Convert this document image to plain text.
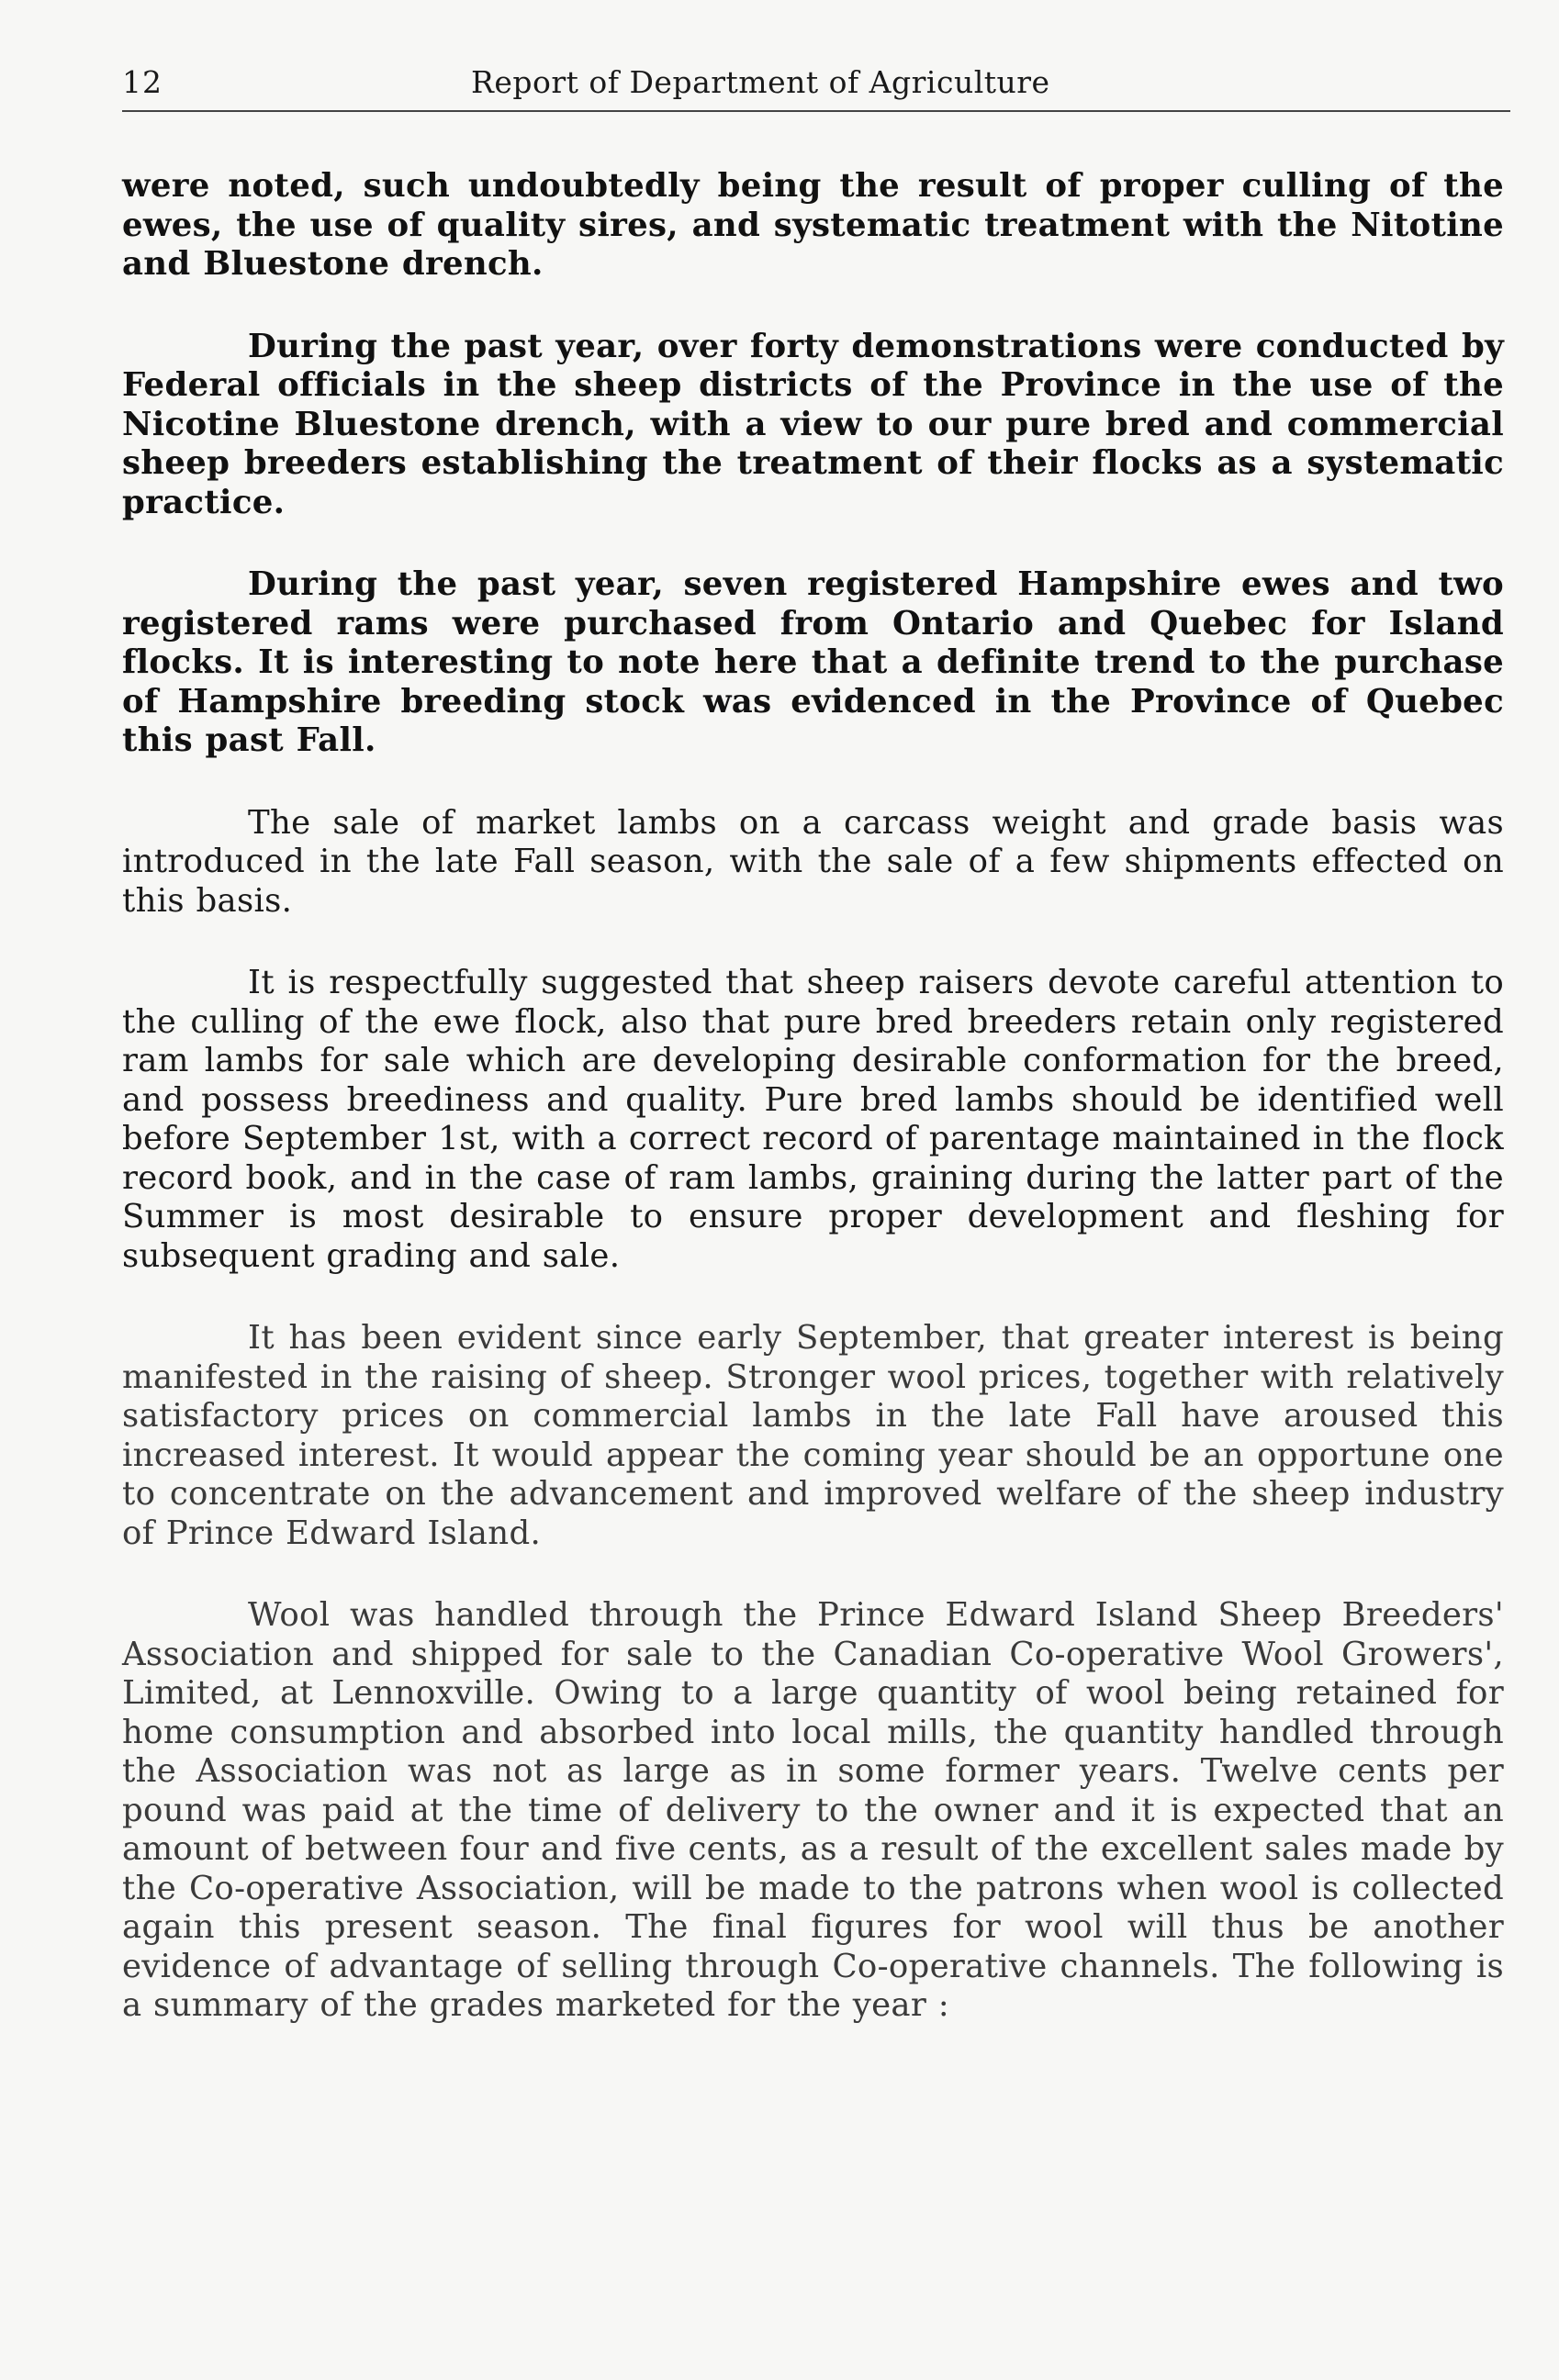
12	Report of Department of Agriculture

were noted, such undoubtedly being the result of proper culling of the ewes, the use of quality sires, and systematic treatment with the Nitotine and Bluestone drench.

During the past year, over forty demonstrations were conducted by Federal officials in the sheep districts of the Province in the use of the Nicotine Bluestone drench, with a view to our pure bred and commercial sheep breeders establishing the treatment of their flocks as a systematic practice.

During the past year, seven registered Hampshire ewes and two registered rams were purchased from Ontario and Quebec for Island flocks. It is interesting to note here that a definite trend to the purchase of Hampshire breeding stock was evidenced in the Province of Quebec this past Fall.

The sale of market lambs on a carcass weight and grade basis was introduced in the late Fall season, with the sale of a few shipments effected on this basis.

It is respectfully suggested that sheep raisers devote careful attention to the culling of the ewe flock, also that pure bred breeders retain only registered ram lambs for sale which are developing desirable conformation for the breed, and possess breediness and quality. Pure bred lambs should be identified well before September 1st, with a correct record of parentage maintained in the flock record book, and in the case of ram lambs, graining during the latter part of the Summer is most desirable to ensure proper development and fleshing for subsequent grading and sale.

It has been evident since early September, that greater interest is being manifested in the raising of sheep. Stronger wool prices, together with relatively satisfactory prices on commercial lambs in the late Fall have aroused this increased interest. It would appear the coming year should be an opportune one to concentrate on the advancement and improved welfare of the sheep industry of Prince Edward Island.

Wool was handled through the Prince Edward Island Sheep Breeders' Association and shipped for sale to the Canadian Co-operative Wool Growers', Limited, at Lennoxville. Owing to a large quantity of wool being retained for home consumption and absorbed into local mills, the quantity handled through the Association was not as large as in some former years. Twelve cents per pound was paid at the time of delivery to the owner and it is expected that an amount of between four and five cents, as a result of the excellent sales made by the Co-operative Association, will be made to the patrons when wool is collected again this present season. The final figures for wool will thus be another evidence of advantage of selling through Co-operative channels. The following is a summary of the grades marketed for the year :
